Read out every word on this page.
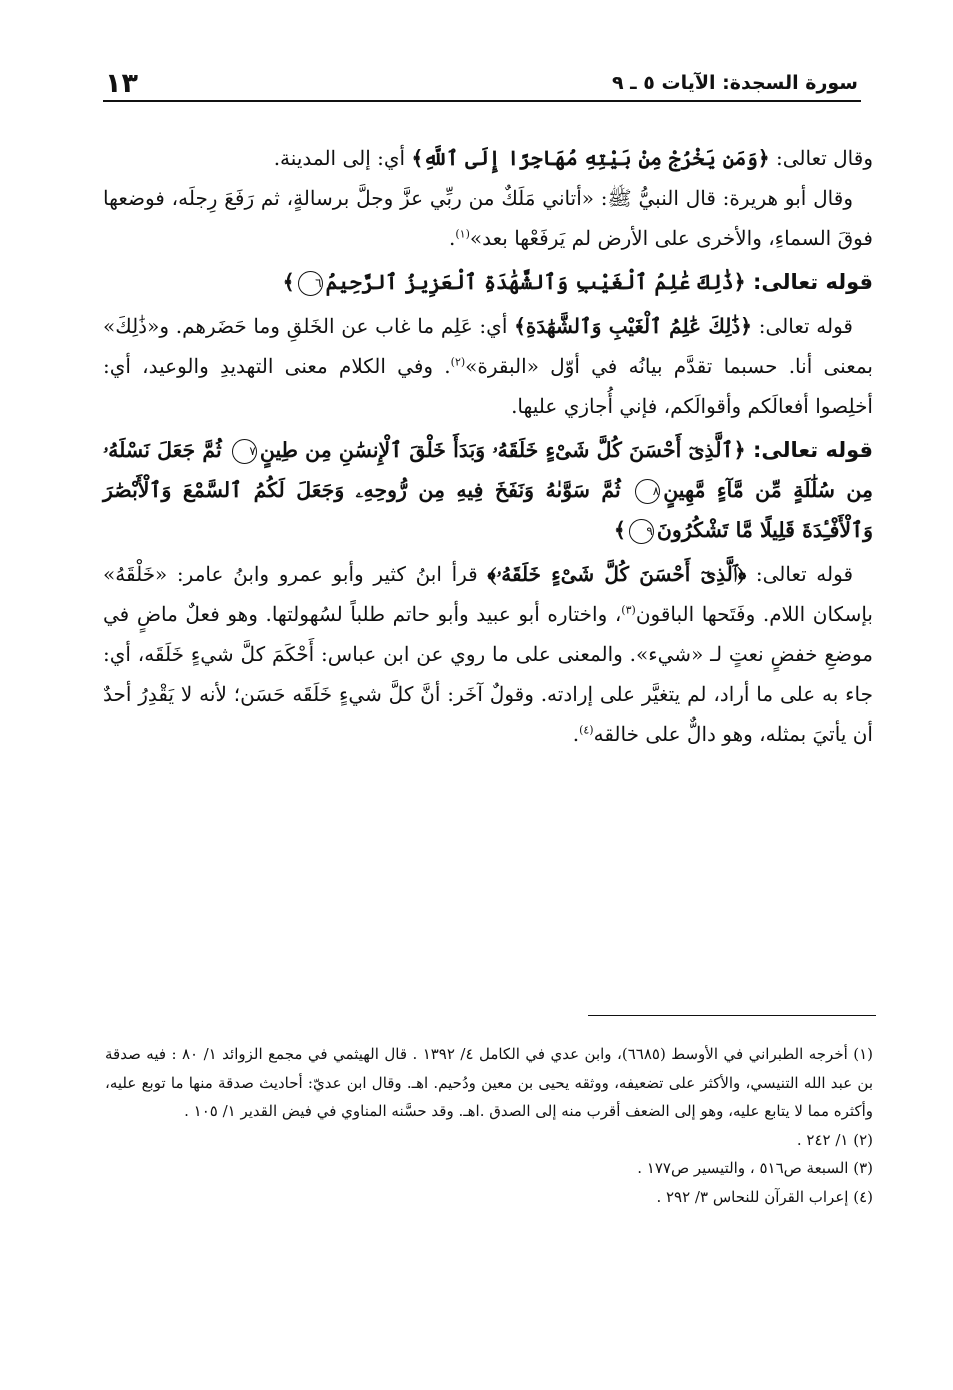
سورة السجدة: الآيات ٥ ـ ٩
١٣

وقال تعالى: ﴿وَمَن يَخْرُجْ مِنْ بَيْتِهِ مُهَاجِرًا إِلَى ٱللَّهِ﴾ أي: إلى المدينة.

وقال أبو هريرة: قال النبيُّ ﷺ: «أتاني مَلَكٌ من ربِّي عزَّ وجلَّ برسالةٍ، ثم رَفَعَ رِجلَه، فوضعها فوقَ السماءِ، والأخرى على الأرض لم يَرفَعْها بعد»$^{(١)}$.

قوله تعالى: ﴿ذَٰلِكَ عَٰلِمُ ٱلْغَيْبِ وَٱلشَّهَٰدَةِ ٱلْعَزِيزُ ٱلرَّحِيمُ٦﴾

قوله تعالى: ﴿ذَٰلِكَ عَٰلِمُ ٱلْغَيْبِ وَٱلشَّهَٰدَةِ﴾ أي: عَلِم ما غاب عن الخَلقِ وما حَضَرهم. و«ذَٰلِكَ» بمعنى أنا. حسبما تقدَّم بيانُه في أوّل «البقرة»$^{(٢)}$. وفي الكلام معنى التهديدِ والوعيد، أي: أخلِصوا أفعالَكم وأقوالَكم، فإني أُجازي عليها.

قوله تعالى: ﴿ٱلَّذِىٓ أَحْسَنَ كُلَّ شَىْءٍ خَلَقَهُۥ وَبَدَأَ خَلْقَ ٱلْإِنسَٰنِ مِن طِينٍ٧ ثُمَّ جَعَلَ نَسْلَهُۥ مِن سُلَٰلَةٍ مِّن مَّآءٍ مَّهِينٍ٨ ثُمَّ سَوَّىٰهُ وَنَفَخَ فِيهِ مِن رُّوحِهِۦ وَجَعَلَ لَكُمُ ٱلسَّمْعَ وَٱلْأَبْصَٰرَ وَٱلْأَفْـِٔدَةَ قَلِيلًا مَّا تَشْكُرُونَ٩﴾

قوله تعالى: ﴿ٱلَّذِىٓ أَحْسَنَ كُلَّ شَىْءٍ خَلَقَهُۥ﴾ قرأ ابنُ كثير وأبو عمرو وابنُ عامر: «خَلْقَهُ» بإسكان اللام. وفَتَحها الباقون$^{(٣)}$، واختاره أبو عبيد وأبو حاتم طلباً لسُهولتها. وهو فعلٌ ماضٍ في موضعِ خفضٍ نعتٍ لـ «شيء». والمعنى على ما روي عن ابن عباس: أَحْكَمَ كلَّ شيءٍ خَلَقَه، أي: جاء به على ما أراد، لم يتغيَّر على إرادته. وقولٌ آخَر: أنَّ كلَّ شيءٍ خَلَقَه حَسَن؛ لأنه لا يَقْدِرُ أحدٌ أن يأتيَ بمثله، وهو دالٌّ على خالقه$^{(٤)}$.

(١) أخرجه الطبراني في الأوسط (٦٦٨٥)، وابن عدي في الكامل ٤/ ١٣٩٢ . قال الهيثمي في مجمع الزوائد ١/ ٨٠ : فيه صدقة بن عبد الله التنيسي، والأكثر على تضعيفه، ووثقه يحيى بن معين ودُحيم. اهـ. وقال ابن عديّ: أحاديث صدقة منها ما توبع عليه، وأكثره مما لا يتابع عليه، وهو إلى الضعف أقرب منه إلى الصدق .اهـ. وقد حسَّنه المناوي في فيض القدير ١/ ١٠٥ .

(٢) ١/ ٢٤٢ .

(٣) السبعة ص٥١٦ ، والتيسير ص١٧٧ .

(٤) إعراب القرآن للنحاس ٣/ ٢٩٢ .
